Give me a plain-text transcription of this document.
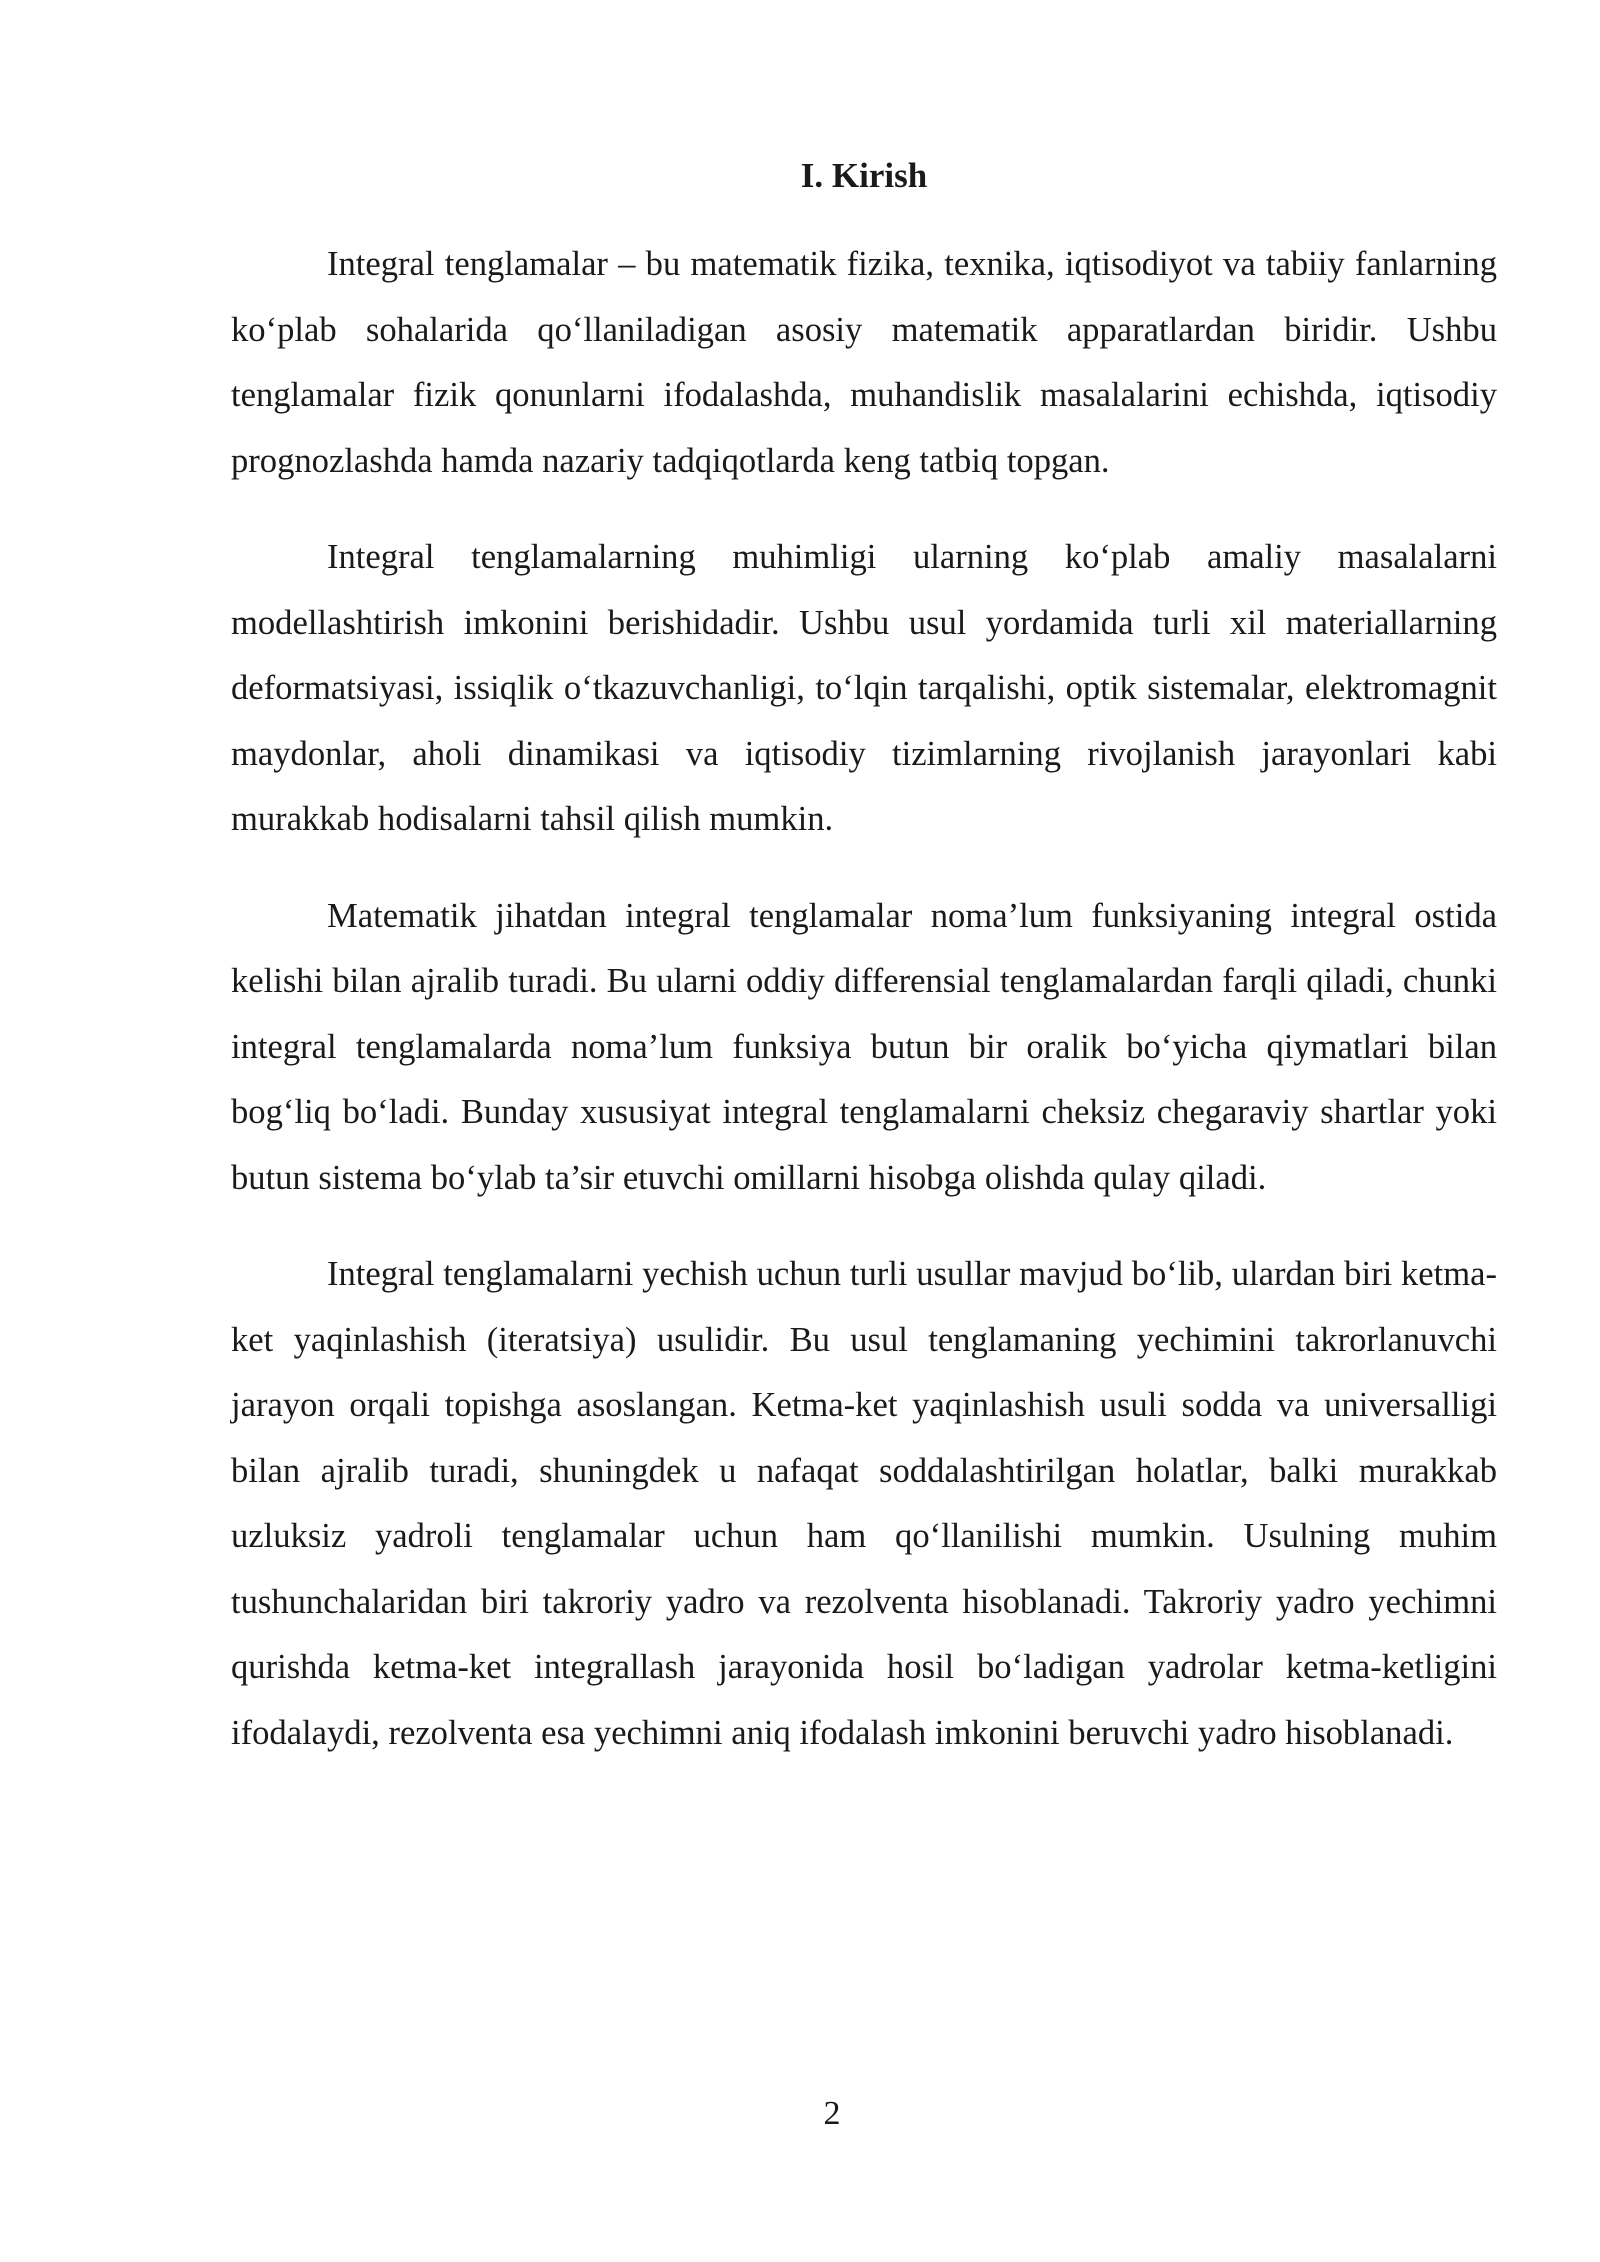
I. Kirish

Integral tenglamalar – bu matematik fizika, texnika, iqtisodiyot va tabiiy fanlarning ko‘plab sohalarida qo‘llaniladigan asosiy matematik apparatlardan biridir. Ushbu tenglamalar fizik qonunlarni ifodalashda, muhandislik masalalarini echishda, iqtisodiy prognozlashda hamda nazariy tadqiqotlarda keng tatbiq topgan.

Integral tenglamalarning muhimligi ularning ko‘plab amaliy masalalarni modellashtirish imkonini berishidadir. Ushbu usul yordamida turli xil materiallarning deformatsiyasi, issiqlik o‘tkazuvchanligi, to‘lqin tarqalishi, optik sistemalar, elektromagnit maydonlar, aholi dinamikasi va iqtisodiy tizimlarning rivojlanish jarayonlari kabi murakkab hodisalarni tahsil qilish mumkin.

Matematik jihatdan integral tenglamalar noma’lum funksiyaning integral ostida kelishi bilan ajralib turadi. Bu ularni oddiy differensial tenglamalardan farqli qiladi, chunki integral tenglamalarda noma’lum funksiya butun bir oralik bo‘yicha qiymatlari bilan bog‘liq bo‘ladi. Bunday xususiyat integral tenglamalarni cheksiz chegaraviy shartlar yoki butun sistema bo‘ylab ta’sir etuvchi omillarni hisobga olishda qulay qiladi.

Integral tenglamalarni yechish uchun turli usullar mavjud bo‘lib, ulardan biri ketma-ket yaqinlashish (iteratsiya) usulidir. Bu usul tenglamaning yechimini takrorlanuvchi jarayon orqali topishga asoslangan. Ketma-ket yaqinlashish usuli sodda va universalligi bilan ajralib turadi, shuningdek u nafaqat soddalashtirilgan holatlar, balki murakkab uzluksiz yadroli tenglamalar uchun ham qo‘llanilishi mumkin. Usulning muhim tushunchalaridan biri takroriy yadro va rezolventa hisoblanadi. Takroriy yadro yechimni qurishda ketma-ket integrallash jarayonida hosil bo‘ladigan yadrolar ketma-ketligini ifodalaydi, rezolventa esa yechimni aniq ifodalash imkonini beruvchi yadro hisoblanadi.

2
